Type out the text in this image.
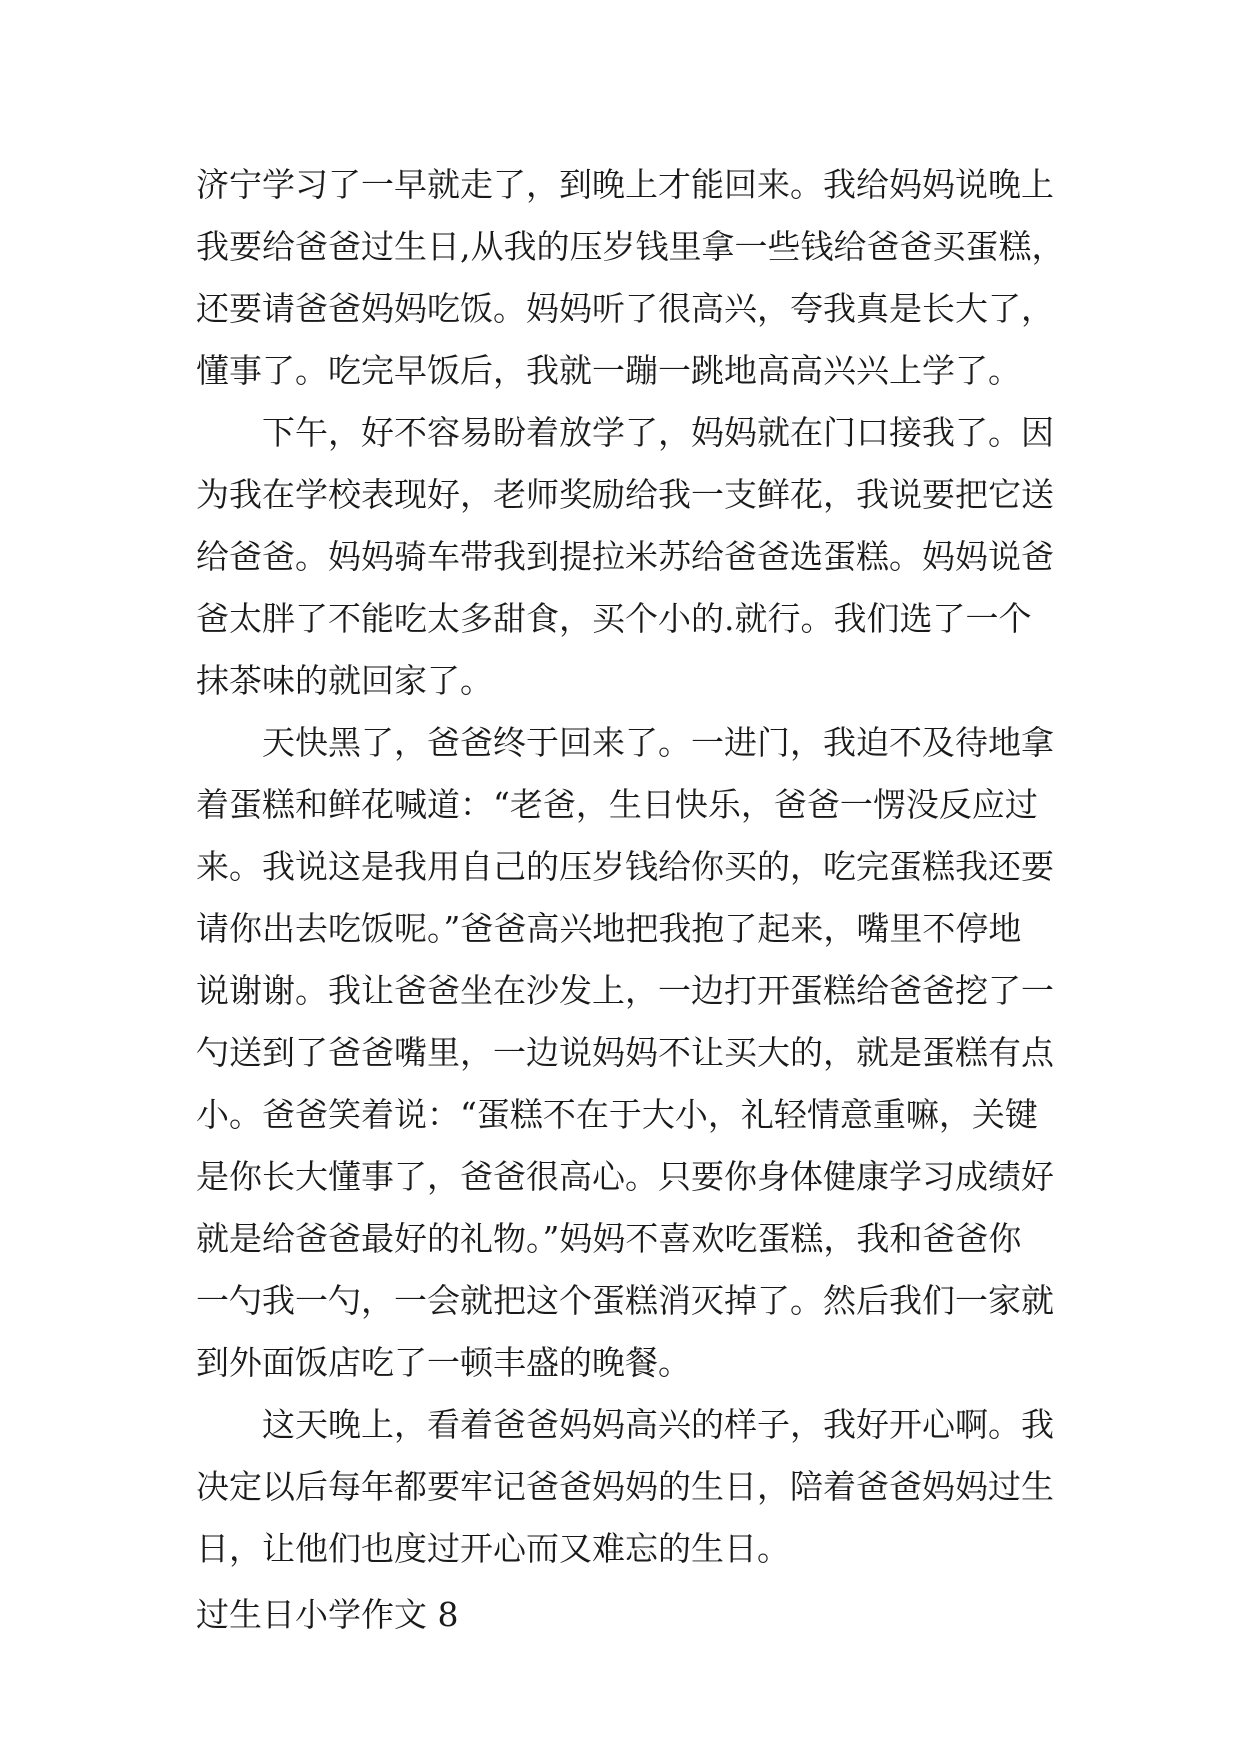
济宁学习了一早就走了，到晚上才能回来。我给妈妈说晚上
我要给爸爸过生日,从我的压岁钱里拿一些钱给爸爸买蛋糕，
还要请爸爸妈妈吃饭。妈妈听了很高兴，夸我真是长大了，
懂事了。吃完早饭后，我就一蹦一跳地高高兴兴上学了。
下午，好不容易盼着放学了，妈妈就在门口接我了。因
为我在学校表现好，老师奖励给我一支鲜花，我说要把它送
给爸爸。妈妈骑车带我到提拉米苏给爸爸选蛋糕。妈妈说爸
爸太胖了不能吃太多甜食，买个小的.就行。我们选了一个
抹茶味的就回家了。
天快黑了，爸爸终于回来了。一进门，我迫不及待地拿
着蛋糕和鲜花喊道：“老爸，生日快乐，爸爸一愣没反应过
来。我说这是我用自己的压岁钱给你买的，吃完蛋糕我还要
请你出去吃饭呢。”爸爸高兴地把我抱了起来，嘴里不停地
说谢谢。我让爸爸坐在沙发上，一边打开蛋糕给爸爸挖了一
勺送到了爸爸嘴里，一边说妈妈不让买大的，就是蛋糕有点
小。爸爸笑着说：“蛋糕不在于大小，礼轻情意重嘛，关键
是你长大懂事了，爸爸很高心。只要你身体健康学习成绩好
就是给爸爸最好的礼物。”妈妈不喜欢吃蛋糕，我和爸爸你
一勺我一勺，一会就把这个蛋糕消灭掉了。然后我们一家就
到外面饭店吃了一顿丰盛的晚餐。
这天晚上，看着爸爸妈妈高兴的样子，我好开心啊。我
决定以后每年都要牢记爸爸妈妈的生日，陪着爸爸妈妈过生
日，让他们也度过开心而又难忘的生日。
过生日小学作文 8
